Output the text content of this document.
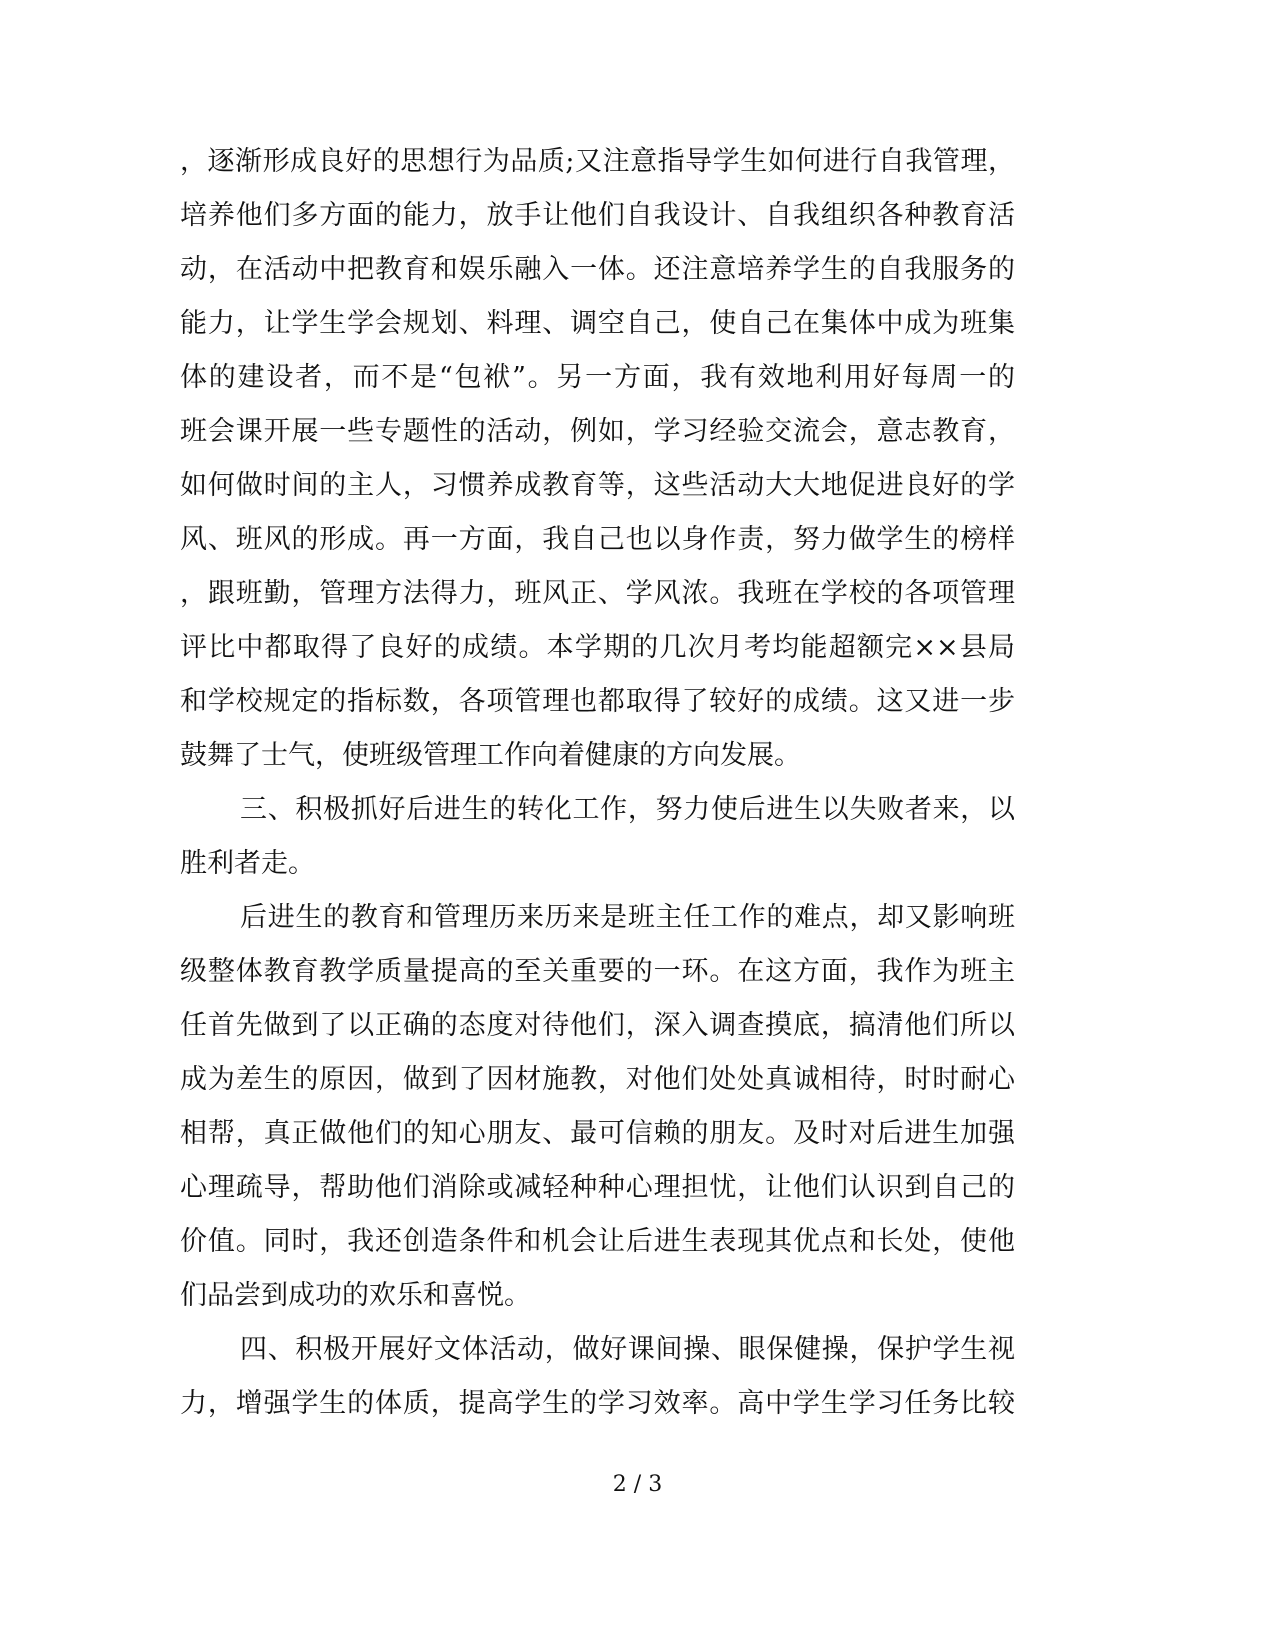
，逐渐形成良好的思想行为品质;又注意指导学生如何进行自我管理，
培养他们多方面的能力，放手让他们自我设计、自我组织各种教育活
动，在活动中把教育和娱乐融入一体。还注意培养学生的自我服务的
能力，让学生学会规划、料理、调空自己，使自己在集体中成为班集
体的建设者，而不是“包袱”。另一方面，我有效地利用好每周一的
班会课开展一些专题性的活动，例如，学习经验交流会，意志教育，
如何做时间的主人，习惯养成教育等，这些活动大大地促进良好的学
风、班风的形成。再一方面，我自己也以身作责，努力做学生的榜样
，跟班勤，管理方法得力，班风正、学风浓。我班在学校的各项管理
评比中都取得了良好的成绩。本学期的几次月考均能超额完××县局
和学校规定的指标数，各项管理也都取得了较好的成绩。这又进一步
鼓舞了士气，使班级管理工作向着健康的方向发展。
三、积极抓好后进生的转化工作，努力使后进生以失败者来，以
胜利者走。
后进生的教育和管理历来历来是班主任工作的难点，却又影响班
级整体教育教学质量提高的至关重要的一环。在这方面，我作为班主
任首先做到了以正确的态度对待他们，深入调查摸底，搞清他们所以
成为差生的原因，做到了因材施教，对他们处处真诚相待，时时耐心
相帮，真正做他们的知心朋友、最可信赖的朋友。及时对后进生加强
心理疏导，帮助他们消除或减轻种种心理担忧，让他们认识到自己的
价值。同时，我还创造条件和机会让后进生表现其优点和长处，使他
们品尝到成功的欢乐和喜悦。
四、积极开展好文体活动，做好课间操、眼保健操，保护学生视
力，增强学生的体质，提高学生的学习效率。高中学生学习任务比较
2 / 3
